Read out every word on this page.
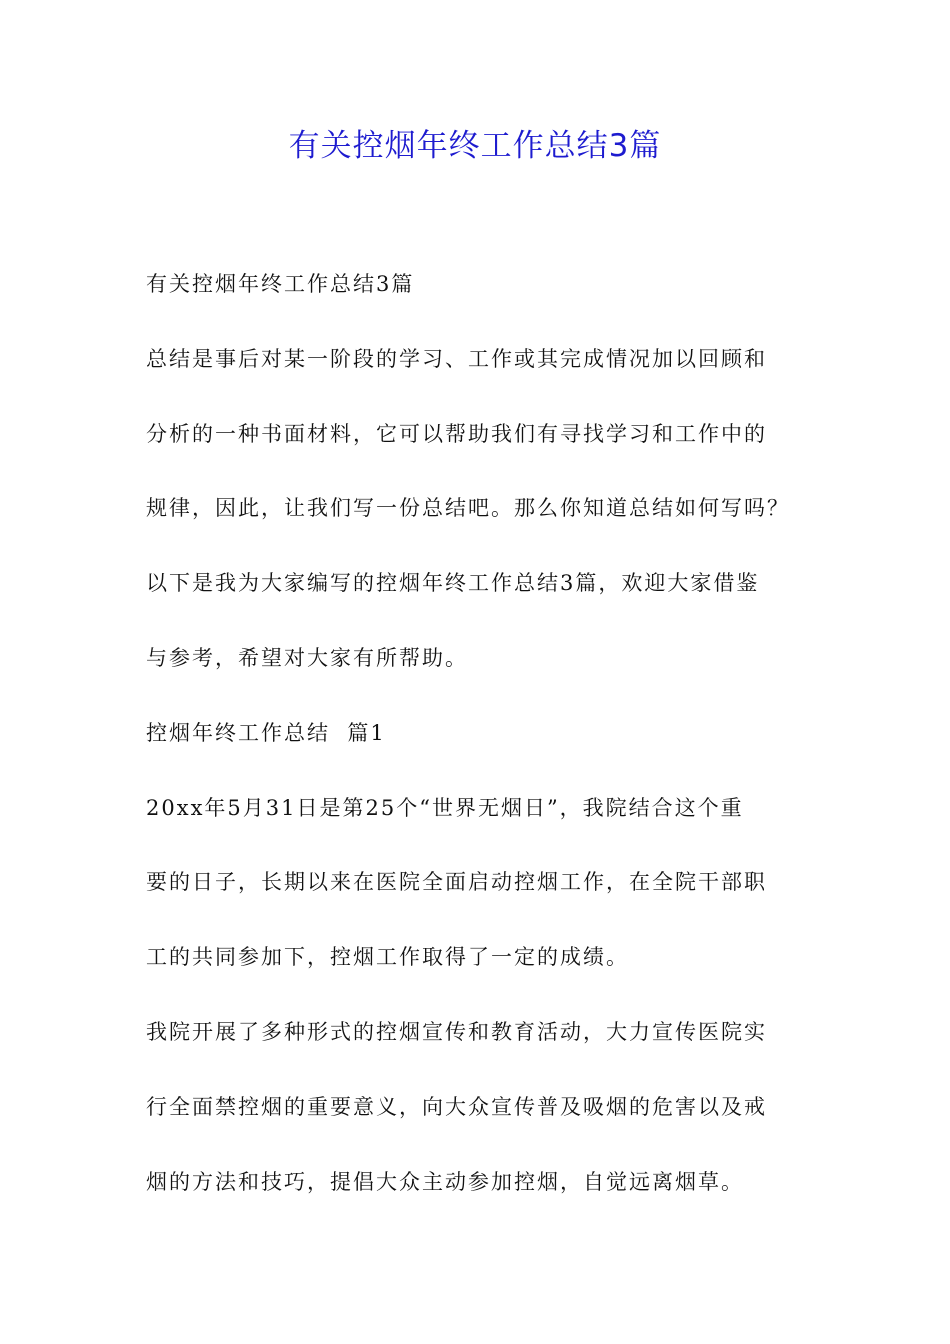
有关控烟年终工作总结3篇
有关控烟年终工作总结3篇
总结是事后对某一阶段的学习、工作或其完成情况加以回顾和
分析的一种书面材料，它可以帮助我们有寻找学习和工作中的
规律，因此，让我们写一份总结吧。那么你知道总结如何写吗？
以下是我为大家编写的控烟年终工作总结3篇，欢迎大家借鉴
与参考，希望对大家有所帮助。
控烟年终工作总结  篇1
20xx年5月31日是第25个“世界无烟日”，我院结合这个重
要的日子，长期以来在医院全面启动控烟工作，在全院干部职
工的共同参加下，控烟工作取得了一定的成绩。
我院开展了多种形式的控烟宣传和教育活动，大力宣传医院实
行全面禁控烟的重要意义，向大众宣传普及吸烟的危害以及戒
烟的方法和技巧，提倡大众主动参加控烟，自觉远离烟草。
